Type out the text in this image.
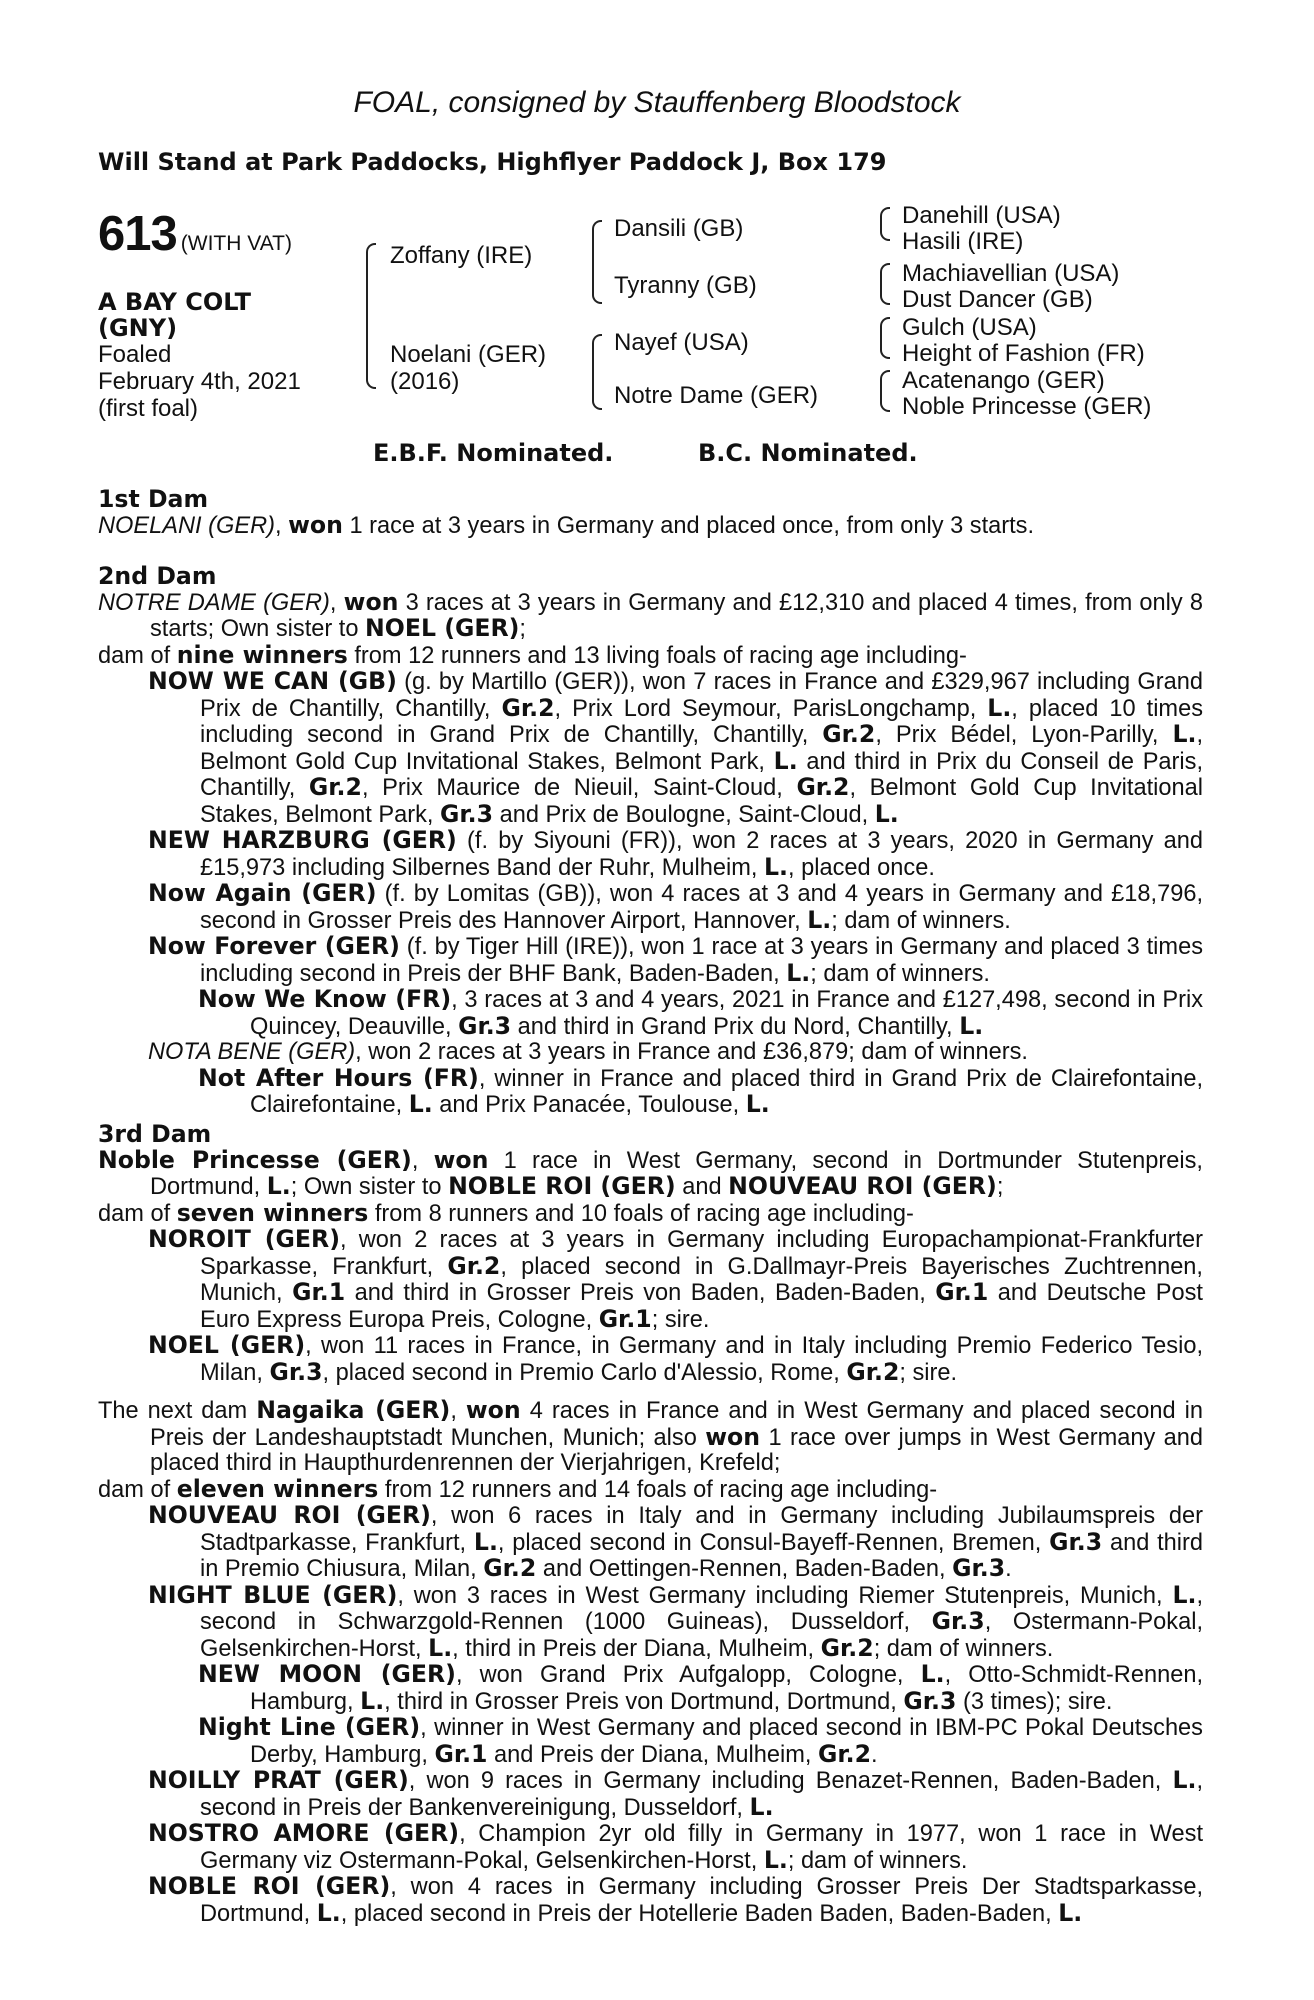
FOAL, consigned by Stauffenberg Bloodstock
Will Stand at Park Paddocks, Highflyer Paddock J, Box 179
613 (WITH VAT)
A BAY COLT
(GNY)
Foaled
February 4th, 2021
(first foal)
Zoffany (IRE)
Noelani (GER)
(2016)
Dansili (GB)
Tyranny (GB)
Nayef (USA)
Notre Dame (GER)
Danehill (USA)
Hasili (IRE)
Machiavellian (USA)
Dust Dancer (GB)
Gulch (USA)
Height of Fashion (FR)
Acatenango (GER)
Noble Princesse (GER)
E.B.F. Nominated.	B.C. Nominated.

1st Dam

NOELANI (GER), won 1 race at 3 years in Germany and placed once, from only 3 starts.

2nd Dam

NOTRE DAME (GER), won 3 races at 3 years in Germany and £12,310 and placed 4 times, from only 8 starts; Own sister to NOEL (GER);

dam of nine winners from 12 runners and 13 living foals of racing age including-

NOW WE CAN (GB) (g. by Martillo (GER)), won 7 races in France and £329,967 including Grand Prix de Chantilly, Chantilly, Gr.2, Prix Lord Seymour, ParisLongchamp, L., placed 10 times including second in Grand Prix de Chantilly, Chantilly, Gr.2, Prix Bédel, Lyon-Parilly, L., Belmont Gold Cup Invitational Stakes, Belmont Park, L. and third in Prix du Conseil de Paris, Chantilly, Gr.2, Prix Maurice de Nieuil, Saint-Cloud, Gr.2, Belmont Gold Cup Invitational Stakes, Belmont Park, Gr.3 and Prix de Boulogne, Saint-Cloud, L.

NEW HARZBURG (GER) (f. by Siyouni (FR)), won 2 races at 3 years, 2020 in Germany and £15,973 including Silbernes Band der Ruhr, Mulheim, L., placed once.

Now Again (GER) (f. by Lomitas (GB)), won 4 races at 3 and 4 years in Germany and £18,796, second in Grosser Preis des Hannover Airport, Hannover, L.; dam of winners.

Now Forever (GER) (f. by Tiger Hill (IRE)), won 1 race at 3 years in Germany and placed 3 times including second in Preis der BHF Bank, Baden-Baden, L.; dam of winners.

Now We Know (FR), 3 races at 3 and 4 years, 2021 in France and £127,498, second in Prix Quincey, Deauville, Gr.3 and third in Grand Prix du Nord, Chantilly, L.

NOTA BENE (GER), won 2 races at 3 years in France and £36,879; dam of winners.

Not After Hours (FR), winner in France and placed third in Grand Prix de Clairefontaine, Clairefontaine, L. and Prix Panacée, Toulouse, L.

3rd Dam

Noble Princesse (GER), won 1 race in West Germany, second in Dortmunder Stutenpreis, Dortmund, L.; Own sister to NOBLE ROI (GER) and NOUVEAU ROI (GER);

dam of seven winners from 8 runners and 10 foals of racing age including-

NOROIT (GER), won 2 races at 3 years in Germany including Europachampionat-Frankfurter Sparkasse, Frankfurt, Gr.2, placed second in G.Dallmayr-Preis Bayerisches Zuchtrennen, Munich, Gr.1 and third in Grosser Preis von Baden, Baden-Baden, Gr.1 and Deutsche Post Euro Express Europa Preis, Cologne, Gr.1; sire.

NOEL (GER), won 11 races in France, in Germany and in Italy including Premio Federico Tesio, Milan, Gr.3, placed second in Premio Carlo d'Alessio, Rome, Gr.2; sire.

The next dam Nagaika (GER), won 4 races in France and in West Germany and placed second in Preis der Landeshauptstadt Munchen, Munich; also won 1 race over jumps in West Germany and placed third in Haupthurdenrennen der Vierjahrigen, Krefeld;

dam of eleven winners from 12 runners and 14 foals of racing age including-

NOUVEAU ROI (GER), won 6 races in Italy and in Germany including Jubilaumspreis der Stadtparkasse, Frankfurt, L., placed second in Consul-Bayeff-Rennen, Bremen, Gr.3 and third in Premio Chiusura, Milan, Gr.2 and Oettingen-Rennen, Baden-Baden, Gr.3.

NIGHT BLUE (GER), won 3 races in West Germany including Riemer Stutenpreis, Munich, L., second in Schwarzgold-Rennen (1000 Guineas), Dusseldorf, Gr.3, Ostermann-Pokal, Gelsenkirchen-Horst, L., third in Preis der Diana, Mulheim, Gr.2; dam of winners.

NEW MOON (GER), won Grand Prix Aufgalopp, Cologne, L., Otto-Schmidt-Rennen, Hamburg, L., third in Grosser Preis von Dortmund, Dortmund, Gr.3 (3 times); sire.

Night Line (GER), winner in West Germany and placed second in IBM-PC Pokal Deutsches Derby, Hamburg, Gr.1 and Preis der Diana, Mulheim, Gr.2.

NOILLY PRAT (GER), won 9 races in Germany including Benazet-Rennen, Baden-Baden, L., second in Preis der Bankenvereinigung, Dusseldorf, L.

NOSTRO AMORE (GER), Champion 2yr old filly in Germany in 1977, won 1 race in West Germany viz Ostermann-Pokal, Gelsenkirchen-Horst, L.; dam of winners.

NOBLE ROI (GER), won 4 races in Germany including Grosser Preis Der Stadtsparkasse, Dortmund, L., placed second in Preis der Hotellerie Baden Baden, Baden-Baden, L.
